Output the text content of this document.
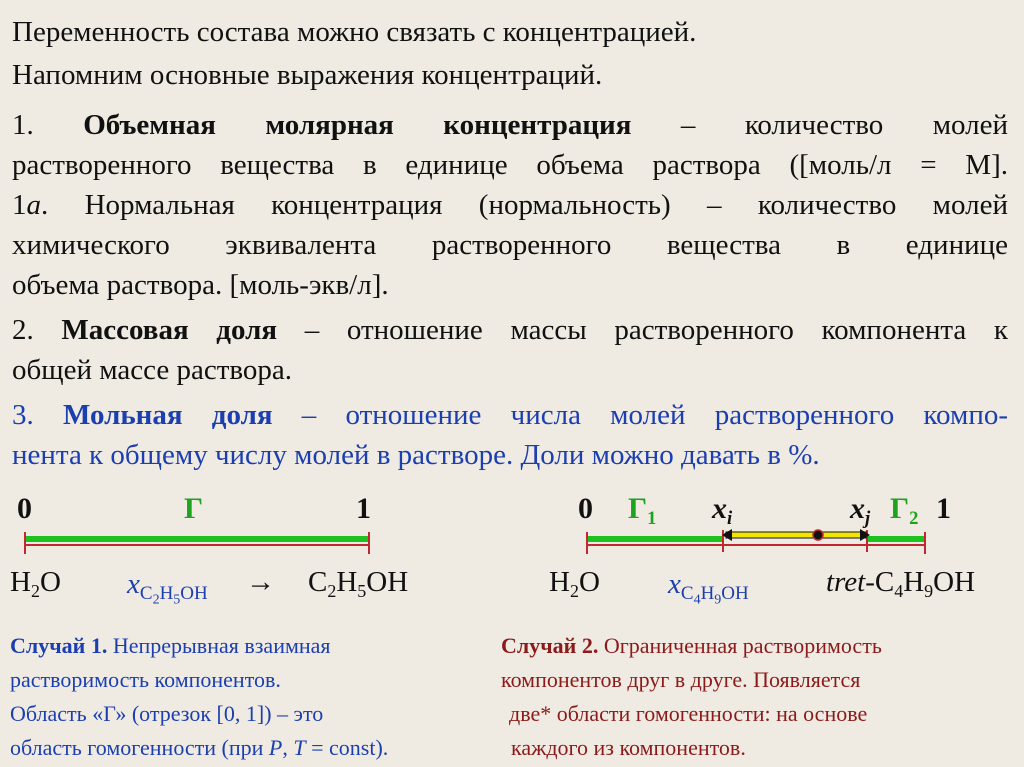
Переменность состава можно связать с концентрацией.
Напомним основные выражения концентраций.
1. Объемная молярная концентрация – количество молей
растворенного вещества в единице объема раствора ([моль/л = М].
1а. Нормальная концентрация (нормальность) – количество молей
химического эквивалента растворенного вещества в единице
объема раствора. [моль-экв/л].
2. Массовая доля – отношение массы растворенного компонента к
общей массе раствора.
3. Мольная доля – отношение числа молей растворенного компо-
нента к общему числу молей в растворе. Доли можно давать в %.
0	Г	1
$H_2O$ $x_{C_2H_5OH} \to C_2H_5OH$
0 $Г_1$ $x_i$	$x_j$ $Г_2$ 1
$H_2O$ $x_{C_4H_9OH}$	tret-$C_4H_9OH$
Случай 1. Непрерывная взаимная
растворимость компонентов.
Область «Г» (отрезок [0, 1]) – это
область гомогенности (при P, T = const).
Случай 2. Ограниченная растворимость
компонентов друг в друге. Появляется
две* области гомогенности: на основе
каждого из компонентов.
